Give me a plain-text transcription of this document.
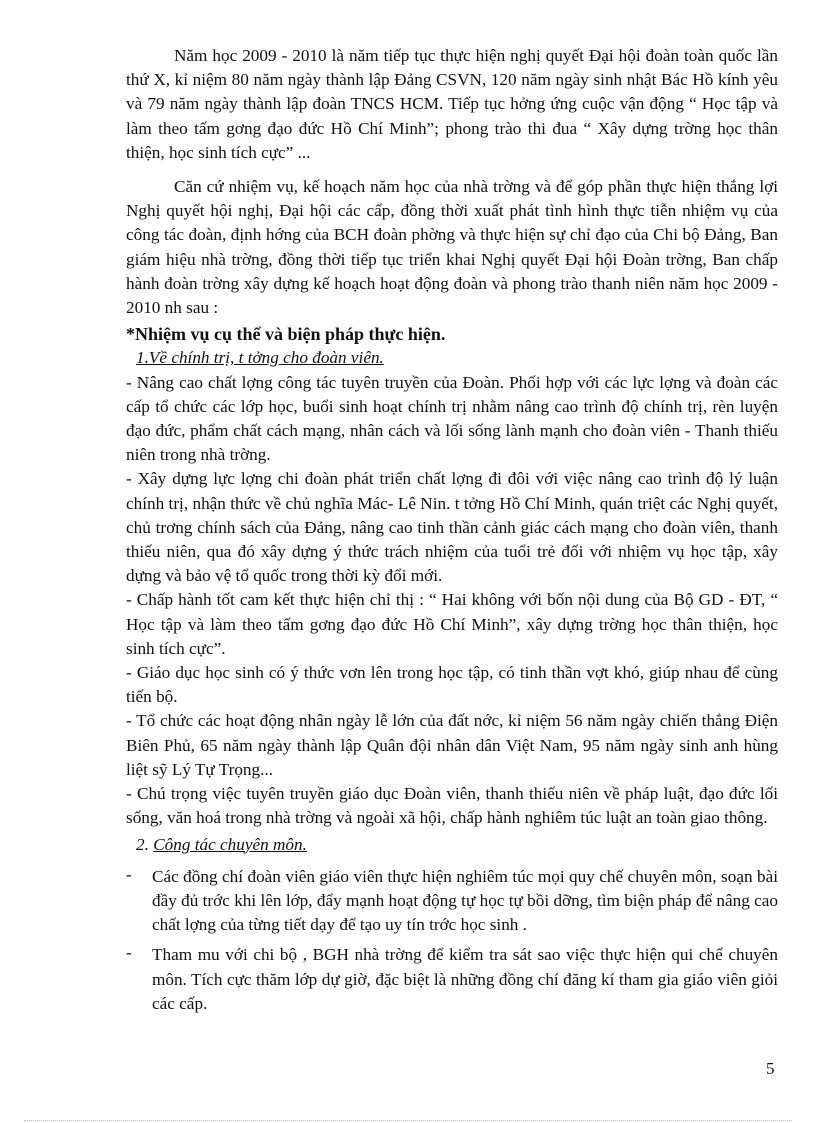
Năm học 2009 - 2010 là năm tiếp tục thực hiện nghị quyết Đại hội đoàn toàn quốc lần thứ X, kỉ niệm 80 năm ngày thành lập Đảng CSVN, 120 năm ngày sinh nhật Bác Hồ kính yêu và 79 năm ngày thành lập đoàn TNCS HCM. Tiếp tục hởng ứng cuộc vận động “ Học tập và làm theo tấm gơng đạo đức Hồ Chí Minh”; phong trào thi đua “ Xây dựng trờng học thân thiện, học sinh tích cực” ...

Căn cứ nhiệm vụ, kế hoạch năm học của nhà trờng và để góp phần thực hiện thắng lợi Nghị quyết hội nghị, Đại hội các cấp, đồng thời xuất phát tình hình thực tiễn nhiệm vụ của công tác đoàn, định hớng của BCH đoàn phờng và thực hiện sự chỉ đạo của Chi bộ Đảng, Ban giám hiệu nhà trờng, đồng thời tiếp tục triển khai Nghị quyết Đại hội Đoàn trờng, Ban chấp hành đoàn trờng xây dựng kế hoạch hoạt động đoàn và phong trào thanh niên năm học 2009 - 2010 nh sau :

*Nhiệm vụ cụ thể và biện pháp thực hiện.

1.Về chính trị, t tởng cho đoàn viên.

- Nâng cao chất lợng công tác tuyên truyền của Đoàn. Phối hợp với các lực lợng và đoàn các cấp tổ chức các lớp học, buổi sinh hoạt chính trị nhằm nâng cao trình độ chính trị, rèn luyện đạo đức, phẩm chất cách mạng, nhân cách và lối sống lành mạnh cho đoàn viên - Thanh thiếu niên trong nhà trờng.

- Xây dựng lực lợng chi đoàn phát triển chất lợng đi đôi với việc nâng cao trình độ lý luận chính trị, nhận thức về chủ nghĩa Mác- Lê Nin. t tởng Hồ Chí Minh, quán triệt các Nghị quyết, chủ trơng chính sách của Đảng, nâng cao tinh thần cảnh giác cách mạng cho đoàn viên, thanh thiếu niên, qua đó xây dựng ý thức trách nhiệm của tuổi trẻ đối với nhiệm vụ học tập, xây dựng và bảo vệ tổ quốc trong thời kỳ đổi mới.

- Chấp hành tốt cam kết thực hiện chỉ thị : “ Hai không với bốn nội dung của Bộ GD - ĐT, “ Học tập và làm theo tấm gơng đạo đức Hồ Chí Minh”, xây dựng trờng học thân thiện, học sinh tích cực”.

- Giáo dục học sinh có ý thức vơn lên trong học tập, có tinh thần vợt khó, giúp nhau để cùng tiến bộ.

- Tổ chức các hoạt động nhân ngày lễ lớn của đất nớc, kỉ niệm 56 năm ngày chiến thắng Điện Biên Phủ, 65 năm ngày thành lập Quân đội nhân dân Việt Nam, 95 năm ngày sinh anh hùng liệt sỹ Lý Tự Trọng...

- Chú trọng việc tuyên truyền giáo dục Đoàn viên, thanh thiếu niên về pháp luật, đạo đức lối sống, văn hoá trong nhà trờng và ngoài xã hội, chấp hành nghiêm túc luật an toàn giao thông.

2. Công tác chuyên môn.

- Các đồng chí đoàn viên giáo viên thực hiện nghiêm túc mọi quy chế chuyên môn, soạn bài đầy đủ trớc khi lên lớp, đẩy mạnh hoạt động tự học tự bồi dỡng, tìm biện pháp để nâng cao chất lợng của từng tiết dạy để tạo uy tín trớc học sinh .
- Tham mu với chi bộ , BGH nhà trờng để kiểm tra sát sao việc thực hiện qui chế chuyên môn. Tích cực thăm lớp dự giờ, đặc biệt là những đồng chí đăng kí tham gia giáo viên giỏi các cấp.
5
